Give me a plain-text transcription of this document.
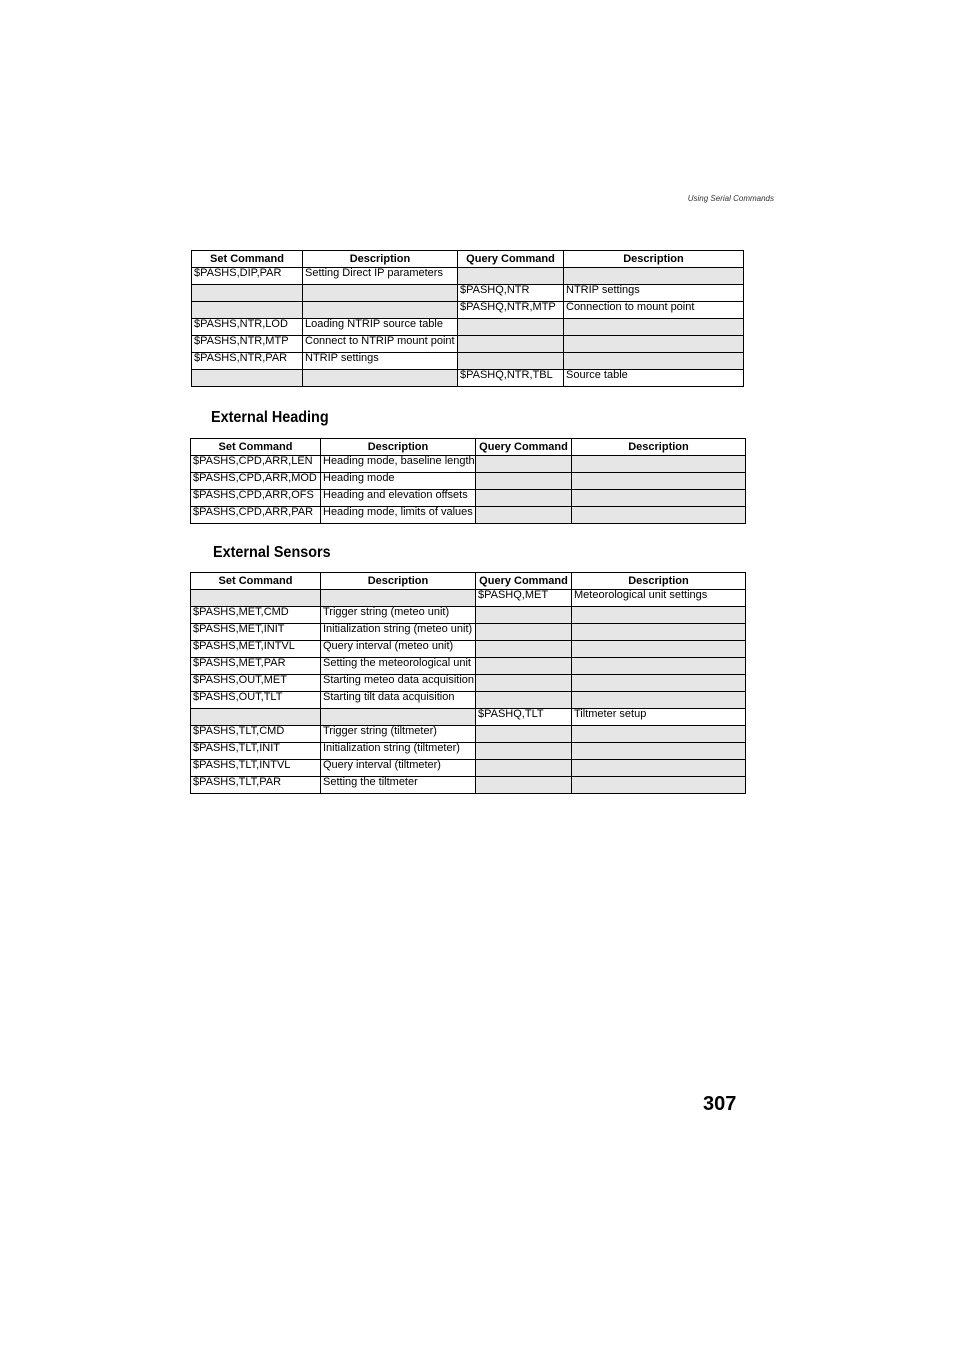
Using Serial Commands
Set Command	Description	Query Command	Description
$PASHS,DIP,PAR	Setting Direct IP parameters		
		$PASHQ,NTR	NTRIP settings
		$PASHQ,NTR,MTP	Connection to mount point
$PASHS,NTR,LOD	Loading NTRIP source table		
$PASHS,NTR,MTP	Connect to NTRIP mount point		
$PASHS,NTR,PAR	NTRIP settings		
		$PASHQ,NTR,TBL	Source table
External Heading
Set Command	Description	Query Command	Description
$PASHS,CPD,ARR,LEN	Heading mode, baseline length		
$PASHS,CPD,ARR,MOD	Heading mode		
$PASHS,CPD,ARR,OFS	Heading and elevation offsets		
$PASHS,CPD,ARR,PAR	Heading mode, limits of values		
External Sensors
Set Command	Description	Query Command	Description
		$PASHQ,MET	Meteorological unit settings
$PASHS,MET,CMD	Trigger string (meteo unit)		
$PASHS,MET,INIT	Initialization string (meteo unit)		
$PASHS,MET,INTVL	Query interval (meteo unit)		
$PASHS,MET,PAR	Setting the meteorological unit		
$PASHS,OUT,MET	Starting meteo data acquisition		
$PASHS,OUT,TLT	Starting tilt data acquisition		
		$PASHQ,TLT	Tiltmeter setup
$PASHS,TLT,CMD	Trigger string (tiltmeter)		
$PASHS,TLT,INIT	Initialization string (tiltmeter)		
$PASHS,TLT,INTVL	Query interval (tiltmeter)		
$PASHS,TLT,PAR	Setting the tiltmeter		
307
